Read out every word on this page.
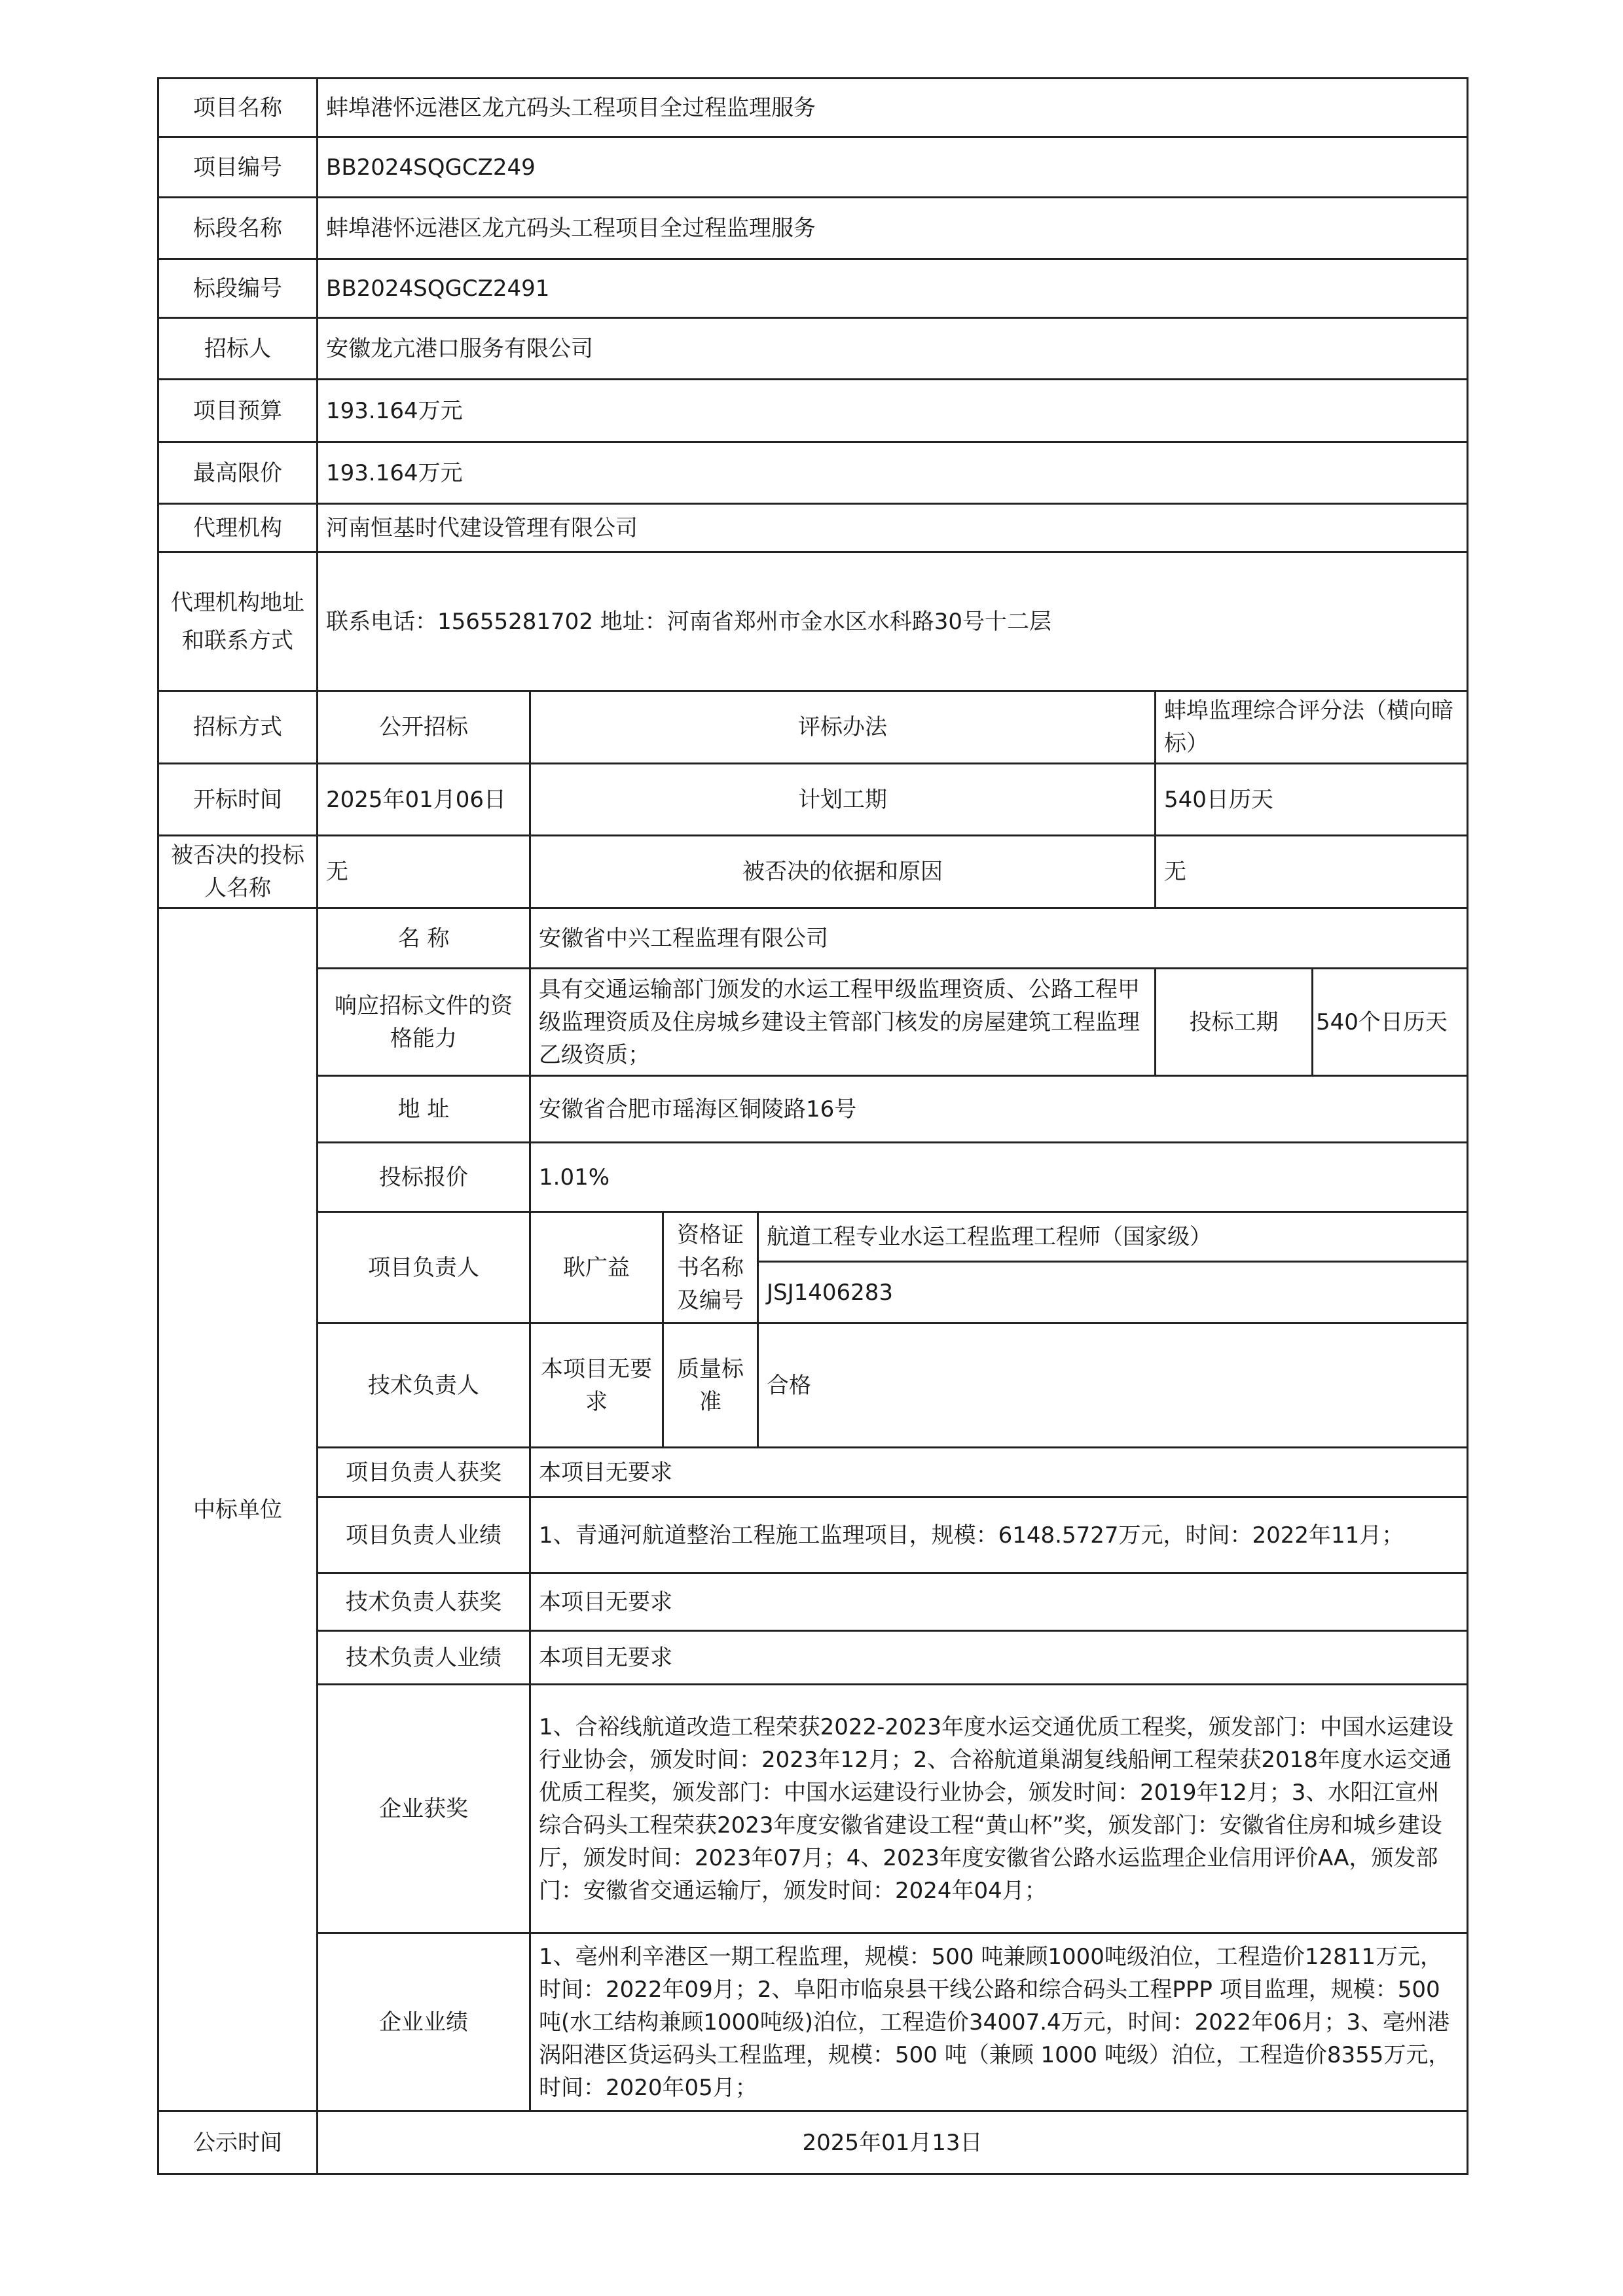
项目名称	蚌埠港怀远港区龙亢码头工程项目全过程监理服务					
项目编号	BB2024SQGCZ249					
标段名称	蚌埠港怀远港区龙亢码头工程项目全过程监理服务					
标段编号	BB2024SQGCZ2491					
招标人	安徽龙亢港口服务有限公司					
项目预算	193.164万元					
最高限价	193.164万元					
代理机构	河南恒基时代建设管理有限公司					
代理机构地址和联系方式	联系电话：15655281702 地址：河南省郑州市金水区水科路30号十二层					
招标方式	公开招标	评标办法			蚌埠监理综合评分法（横向暗标）	
开标时间	2025年01月06日	计划工期			540日历天	
被否决的投标人名称	无	被否决的依据和原因			无	
中标单位	名 称	安徽省中兴工程监理有限公司				
	响应招标文件的资格能力	具有交通运输部门颁发的水运工程甲级监理资质、公路工程甲级监理资质及住房城乡建设主管部门核发的房屋建筑工程监理乙级资质；			投标工期	540个日历天
	地 址	安徽省合肥市瑶海区铜陵路16号				
	投标报价	1.01%				
	项目负责人	耿广益	资格证书名称及编号	航道工程专业水运工程监理工程师（国家级）		
				JSJ1406283		
	技术负责人	本项目无要求	质量标准	合格		
	项目负责人获奖	本项目无要求				
	项目负责人业绩	1、青通河航道整治工程施工监理项目，规模：6148.5727万元，时间：2022年11月；				
	技术负责人获奖	本项目无要求				
	技术负责人业绩	本项目无要求				
	企业获奖	1、合裕线航道改造工程荣获2022-2023年度水运交通优质工程奖，颁发部门：中国水运建设行业协会，颁发时间：2023年12月；2、合裕航道巢湖复线船闸工程荣获2018年度水运交通优质工程奖，颁发部门：中国水运建设行业协会，颁发时间：2019年12月；3、水阳江宣州综合码头工程荣获2023年度安徽省建设工程“黄山杯”奖，颁发部门：安徽省住房和城乡建设厅，颁发时间：2023年07月；4、2023年度安徽省公路水运监理企业信用评价AA，颁发部门：安徽省交通运输厅，颁发时间：2024年04月；				
	企业业绩	1、亳州利辛港区一期工程监理，规模：500 吨兼顾1000吨级泊位，工程造价12811万元，时间：2022年09月；2、阜阳市临泉县干线公路和综合码头工程PPP 项目监理，规模：500 吨(水工结构兼顾1000吨级)泊位，工程造价34007.4万元，时间：2022年06月；3、亳州港涡阳港区货运码头工程监理，规模：500 吨（兼顾 1000 吨级）泊位，工程造价8355万元，时间：2020年05月；				

公示时间	2025年01月13日					
